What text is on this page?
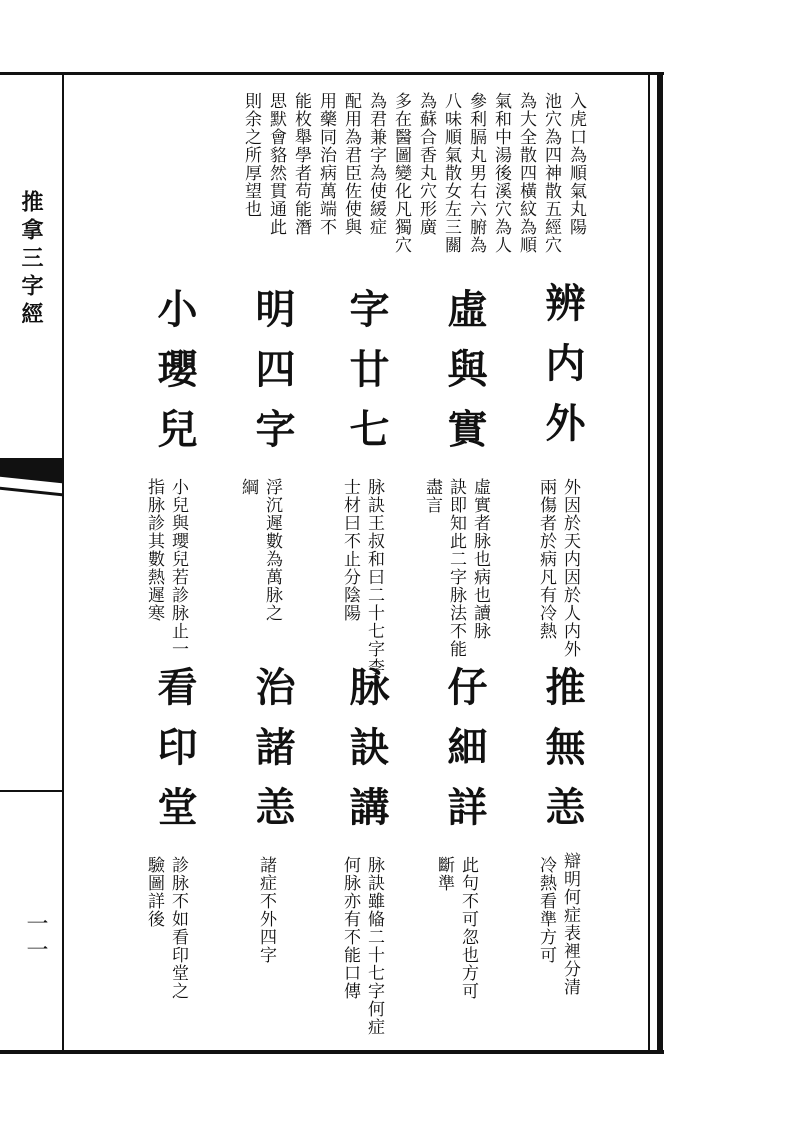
推拿三字經
一一
入虎口為順氣丸陽
池穴為四神散五經穴
為大全散四橫紋為順
氣和中湯後溪穴為人
參利膈丸男右六腑為
八味順氣散女左三關
為蘇合香丸穴形廣
多在醫圖變化凡獨穴
為君兼字為使緩症
配用為君臣佐使與
用藥同治病萬端不
能枚舉學者苟能潛
思默會貉然貫通此
則余之所厚望也
辨内外
虛與實
字廿七
明四字
小瓔兒
外因於天内因於人内外
兩傷者於病凡有冷熱
虛實者脉也病也讀脉
訣即知此二字脉法不能
盡言
脉訣王叔和曰二十七字李
士材曰不止分陰陽
浮沉遲數為萬脉之
綱
小兒與瓔兒若診脉止一
指脉診其數熱遲寒
推無恙
仔細詳
脉訣講
治諸恙
看印堂
辯明何症表裡分清
冷熱看準方可
此句不可忽也方可
斷準
脉訣雖偹二十七字何症
何脉亦有不能口傳
諸症不外四字
診脉不如看印堂之
驗圖詳後
